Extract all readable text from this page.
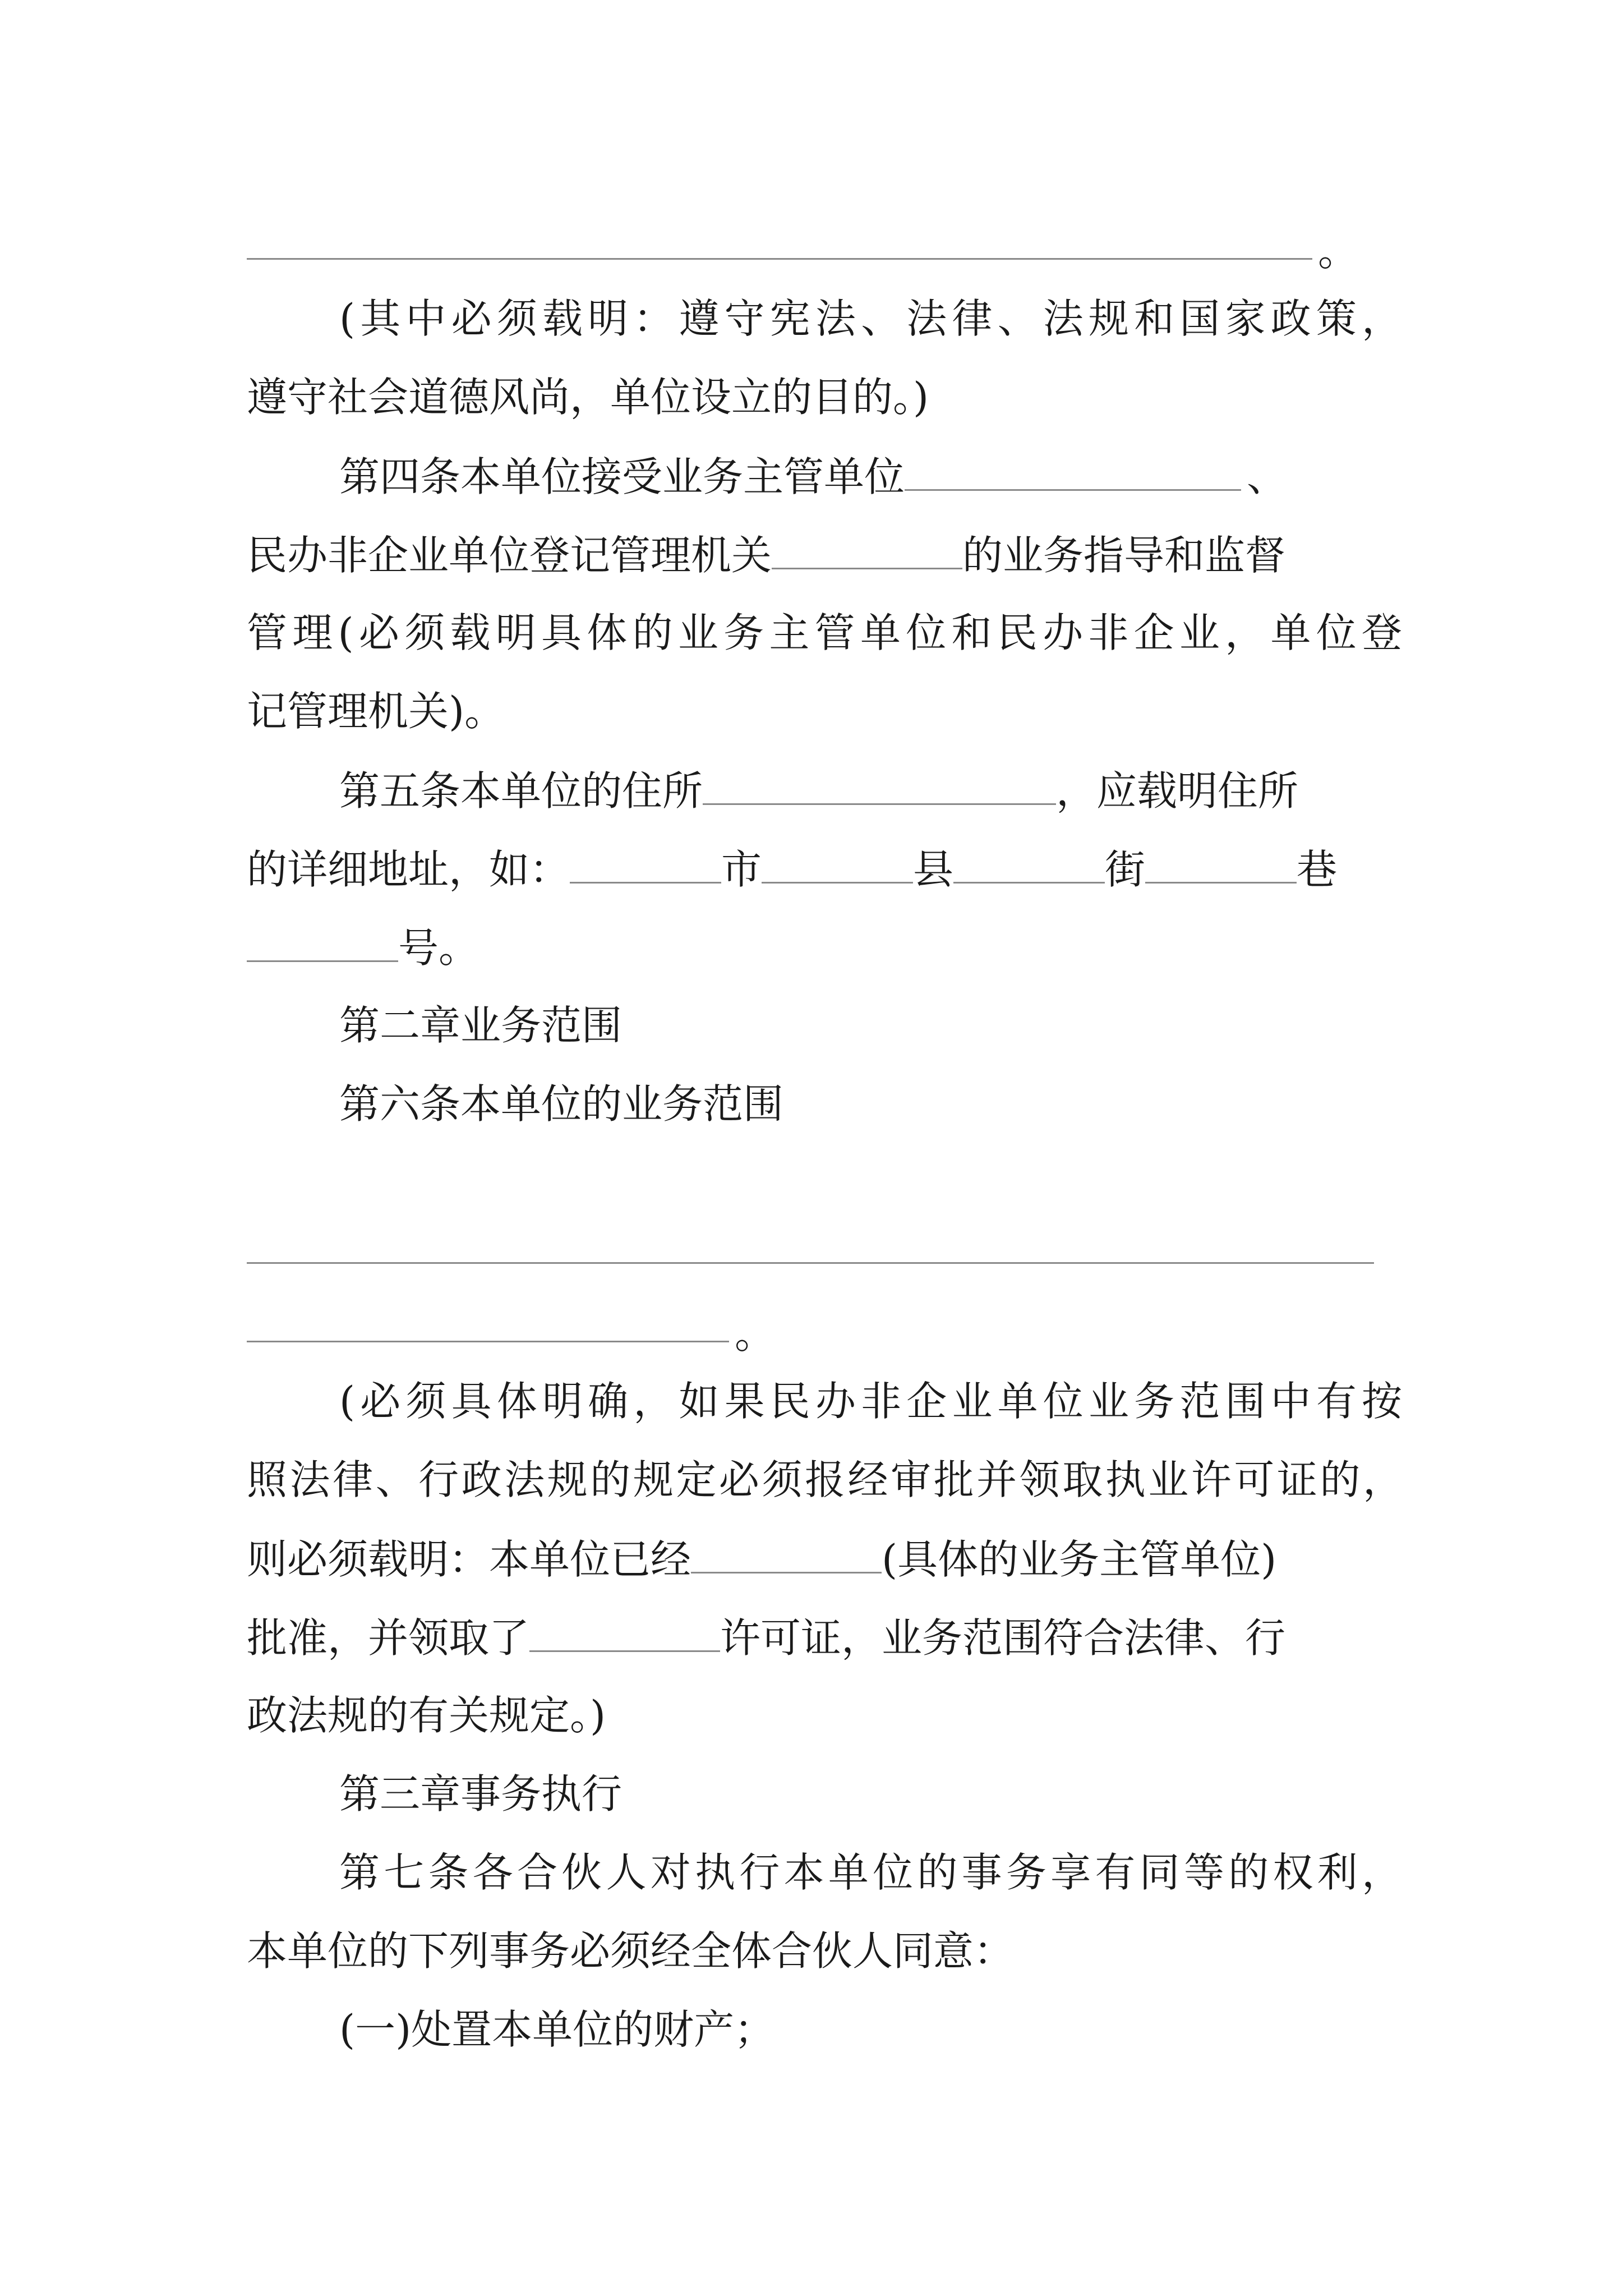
。
(其中必须载明：遵守宪法、法律、法规和国家政策，
遵守社会道德风尚，单位设立的目的。)
第四条本单位接受业务主管单位	、
民办非企业单位登记管理机关	的业务指导和监督
管理(必须载明具体的业务主管单位和民办非企业，单位登
记管理机关)。
第五条本单位的住所	，应载明住所
的详细地址，如：	市	县	街	巷
号。
第二章业务范围
第六条本单位的业务范围
。
(必须具体明确，如果民办非企业单位业务范围中有按
照法律、行政法规的规定必须报经审批并领取执业许可证的，
则必须载明：本单位已经	(具体的业务主管单位)
批准，并领取了	许可证，业务范围符合法律、行
政法规的有关规定。)
第三章事务执行
第七条各合伙人对执行本单位的事务享有同等的权利，
本单位的下列事务必须经全体合伙人同意：
(一)处置本单位的财产；
